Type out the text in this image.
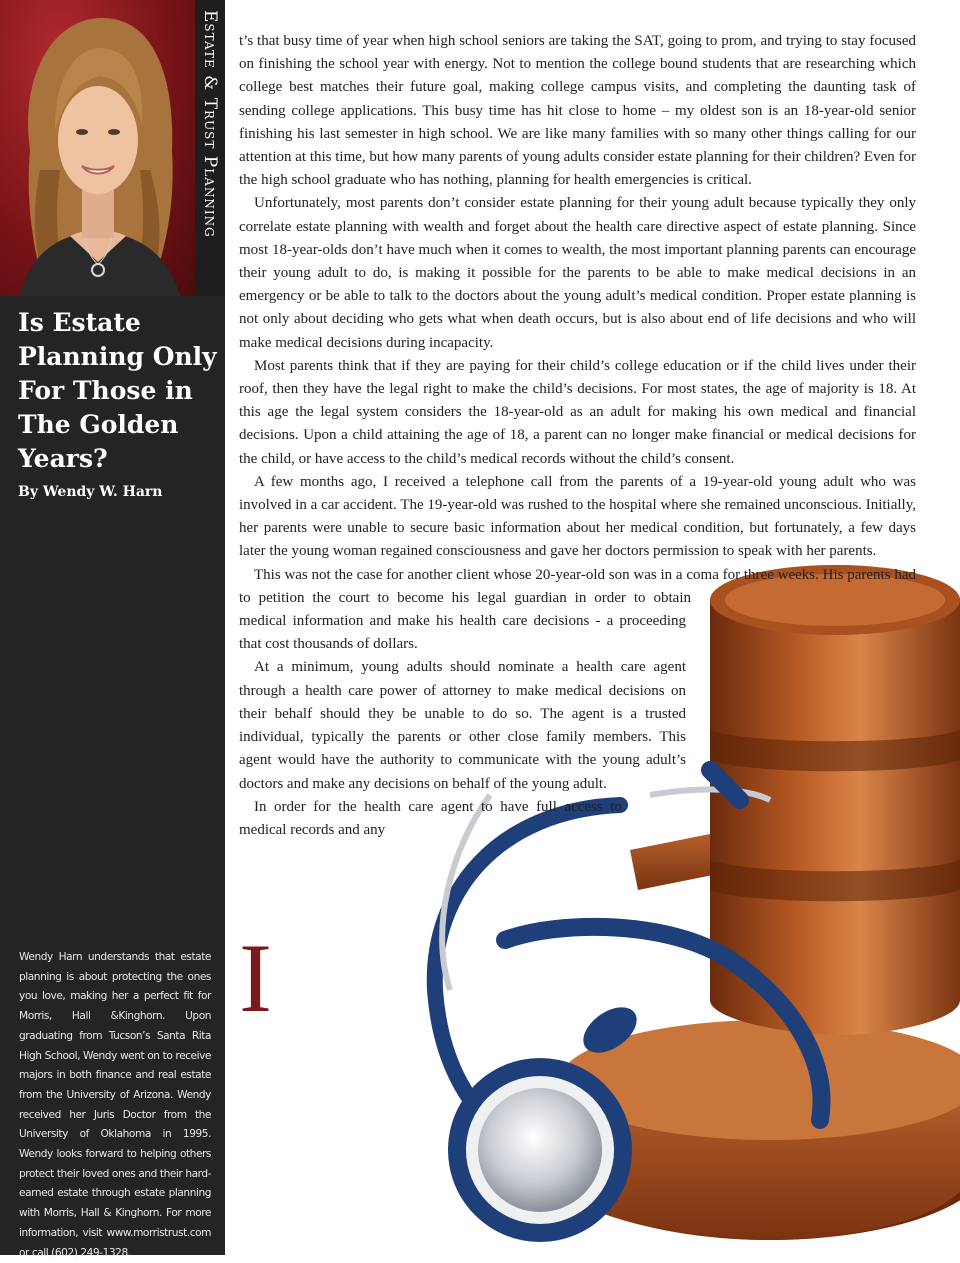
Estate & Trust Planning
Is Estate Planning Only For Those in The Golden Years?
By Wendy W. Harn

Wendy Harn understands that estate planning is about protecting the ones you love, making her a perfect fit for Morris, Hall &Kinghorn. Upon graduating from Tucson’s Santa Rita High School, Wendy went on to receive majors in both finance and real estate from the University of Arizona. Wendy received her Juris Doctor from the University of Oklahoma in 1995. Wendy looks forward to helping others protect their loved ones and their hard-earned estate through estate planning with Morris, Hall & Kinghorn. For more information, visit www.morristrust.com or call (602) 249-1328.

I

t’s that busy time of year when high school seniors are taking the SAT, going to prom, and trying to stay focused on finishing the school year with energy. Not to mention the college bound students that are researching which college best matches their future goal, making college campus visits, and completing the daunting task of sending college applications. This busy time has hit close to home – my oldest son is an 18-year-old senior finishing his last semester in high school. We are like many families with so many other things calling for our attention at this time, but how many parents of young adults consider estate planning for their children? Even for the high school graduate who has nothing, planning for health emergencies is critical.

Unfortunately, most parents don’t consider estate planning for their young adult because typically they only correlate estate planning with wealth and forget about the health care directive aspect of estate planning. Since most 18-year-olds don’t have much when it comes to wealth, the most important planning parents can encourage their young adult to do, is making it possible for the parents to be able to make medical decisions in an emergency or be able to talk to the doctors about the young adult’s medical condition. Proper estate planning is not only about deciding who gets what when death occurs, but is also about end of life decisions and who will make medical decisions during incapacity.

Most parents think that if they are paying for their child’s college education or if the child lives under their roof, then they have the legal right to make the child’s decisions. For most states, the age of majority is 18. At this age the legal system considers the 18-year-old as an adult for making his own medical and financial decisions. Upon a child attaining the age of 18, a parent can no longer make financial or medical decisions for the child, or have access to the child’s medical records without the child’s consent.

A few months ago, I received a telephone call from the parents of a 19-year-old young adult who was involved in a car accident. The 19-year-old was rushed to the hospital where she remained unconscious. Initially, her parents were unable to secure basic information about her medical condition, but fortunately, a few days later the young woman regained consciousness and gave her doctors permission to speak with her parents.

This was not the case for another client whose 20-year-old son was in a coma for three weeks. His parents had to petition the court to become his legal guardian in order to obtain medical information and make his health care decisions - a proceeding that cost thousands of dollars.

At a minimum, young adults should nominate a health care agent through a health care power of attorney to make medical decisions on their behalf should they be unable to do so. The agent is a trusted individual, typically the parents or other close family members. This agent would have the authority to communicate with the young adult’s doctors and make any decisions on behalf of the young adult.

In order for the health care agent to have full access to medical records and any
